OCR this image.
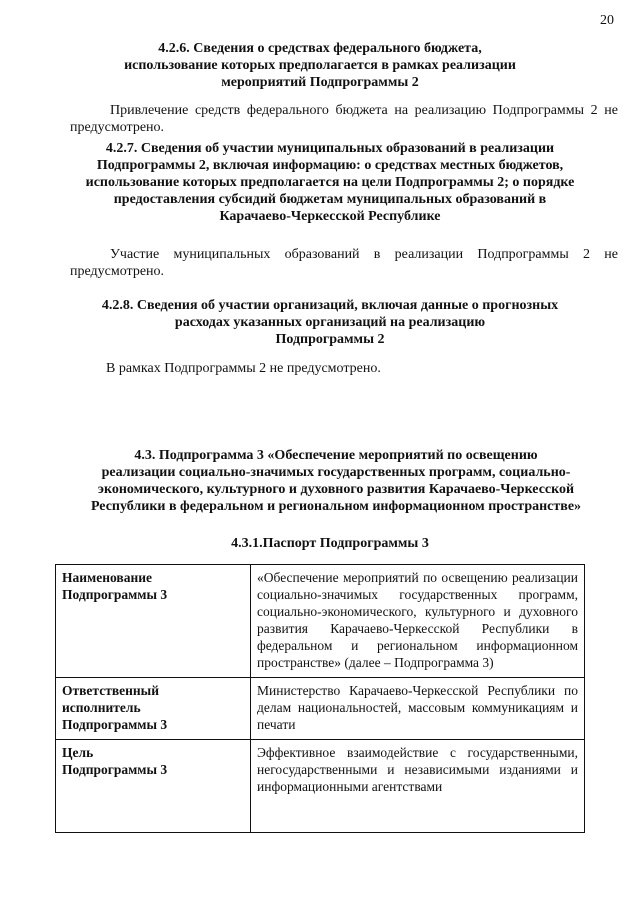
20
4.2.6. Сведения о средствах федерального бюджета,
использование которых предполагается в рамках реализации
мероприятий Подпрограммы 2
Привлечение средств федерального бюджета на реализацию Подпрограммы 2 не предусмотрено.
4.2.7. Сведения об участии муниципальных образований в реализации
Подпрограммы 2, включая информацию: о средствах местных бюджетов,
использование которых предполагается на цели Подпрограммы 2; о порядке
предоставления субсидий бюджетам муниципальных образований в
Карачаево-Черкесской Республике
Участие муниципальных образований в реализации Подпрограммы 2 не предусмотрено.
4.2.8. Сведения об участии организаций, включая данные о прогнозных
расходах указанных организаций на реализацию
Подпрограммы 2
В рамках Подпрограммы 2 не предусмотрено.
4.3. Подпрограмма 3 «Обеспечение мероприятий по освещению
реализации социально-значимых государственных программ, социально-
экономического, культурного и духовного развития Карачаево-Черкесской
Республики в федеральном и региональном информационном пространстве»
4.3.1.Паспорт Подпрограммы 3
Наименование
Подпрограммы 3	«Обеспечение мероприятий по освещению реализации социально-значимых государственных программ, социально-экономического, культурного и духовного развития Карачаево-Черкесской Республики в федеральном и региональном информационном пространстве» (далее – Подпрограмма 3)
Ответственный
исполнитель
Подпрограммы 3	Министерство Карачаево-Черкесской Республики по делам национальностей, массовым коммуникациям и печати
Цель
Подпрограммы 3	Эффективное взаимодействие с государственными, негосударственными и независимыми изданиями и информационными агентствами
